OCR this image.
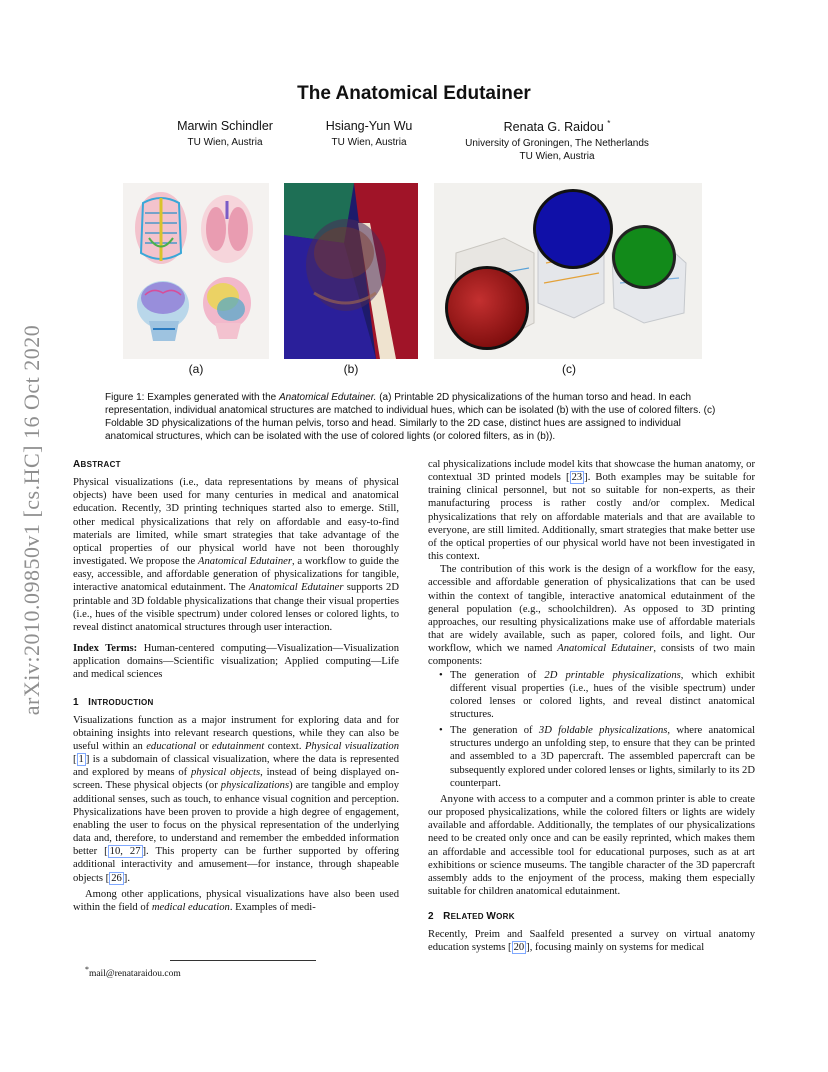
arXiv:2010.09850v1 [cs.HC] 16 Oct 2020
The Anatomical Edutainer
Marwin Schindler
TU Wien, Austria
Hsiang-Yun Wu
TU Wien, Austria
Renata G. Raidou *
University of Groningen, The Netherlands
TU Wien, Austria
(a)	(b)	(c)
Figure 1: Examples generated with the Anatomical Edutainer. (a) Printable 2D physicalizations of the human torso and head. In each representation, individual anatomical structures are matched to individual hues, which can be isolated (b) with the use of colored filters. (c) Foldable 3D physicalizations of the human pelvis, torso and head. Similarly to the 2D case, distinct hues are assigned to individual anatomical structures, which can be isolated with the use of colored lights (or colored filters, as in (b)).
ABSTRACT

Physical visualizations (i.e., data representations by means of physical objects) have been used for many centuries in medical and anatomical education. Recently, 3D printing techniques started also to emerge. Still, other medical physicalizations that rely on affordable and easy-to-find materials are limited, while smart strategies that take advantage of the optical properties of our physical world have not been thoroughly investigated. We propose the Anatomical Edutainer, a workflow to guide the easy, accessible, and affordable generation of physicalizations for tangible, interactive anatomical edutainment. The Anatomical Edutainer supports 2D printable and 3D foldable physicalizations that change their visual properties (i.e., hues of the visible spectrum) under colored lenses or colored lights, to reveal distinct anatomical structures through user interaction.

Index Terms: Human-centered computing—Visualization—Visualization application domains—Scientific visualization; Applied computing—Life and medical sciences

1 INTRODUCTION

Visualizations function as a major instrument for exploring data and for obtaining insights into relevant research questions, while they can also be useful within an educational or edutainment context. Physical visualization [ 1 ] is a subdomain of classical visualization, where the data is represented and explored by means of physical objects, instead of being displayed on-screen. These physical objects (or physicalizations) are tangible and employ additional senses, such as touch, to enhance visual cognition and perception. Physicalizations have been proven to provide a high degree of engagement, enabling the user to focus on the physical representation of the underlying data and, therefore, to understand and remember the embedded information better [ 10, 27 ]. This property can be further supported by offering additional interactivity and amusement—for instance, through shapeable objects [ 26 ].

Among other applications, physical visualizations have also been used within the field of medical education. Examples of medi-

cal physicalizations include model kits that showcase the human anatomy, or contextual 3D printed models [ 23 ]. Both examples may be suitable for training clinical personnel, but not so suitable for non-experts, as their manufacturing process is rather costly and/or complex. Medical physicalizations that rely on affordable materials and that are available to everyone, are still limited. Additionally, smart strategies that make better use of the optical properties of our physical world have not been investigated in this context.

The contribution of this work is the design of a workflow for the easy, accessible and affordable generation of physicalizations that can be used within the context of tangible, interactive anatomical edutainment of the general population (e.g., schoolchildren). As opposed to 3D printing approaches, our resulting physicalizations make use of affordable materials that are widely available, such as paper, colored foils, and light. Our workflow, which we named Anatomical Edutainer, consists of two main components:

• The generation of 2D printable physicalizations, which exhibit different visual properties (i.e., hues of the visible spectrum) under colored lenses or colored lights, and reveal distinct anatomical structures.
• The generation of 3D foldable physicalizations, where anatomical structures undergo an unfolding step, to ensure that they can be printed and assembled to a 3D papercraft. The assembled papercraft can be subsequently explored under colored lenses or lights, similarly to its 2D counterpart.

Anyone with access to a computer and a common printer is able to create our proposed physicalizations, while the colored filters or lights are widely available and affordable. Additionally, the templates of our physicalizations need to be created only once and can be easily reprinted, which makes them an affordable and accessible tool for educational purposes, such as at art exhibitions or science museums. The tangible character of the 3D papercraft assembly adds to the enjoyment of the process, making them especially suitable for children anatomical edutainment.

2 RELATED WORK

Recently, Preim and Saalfeld presented a survey on virtual anatomy education systems [ 20 ], focusing mainly on systems for medical

*mail@renataraidou.com
